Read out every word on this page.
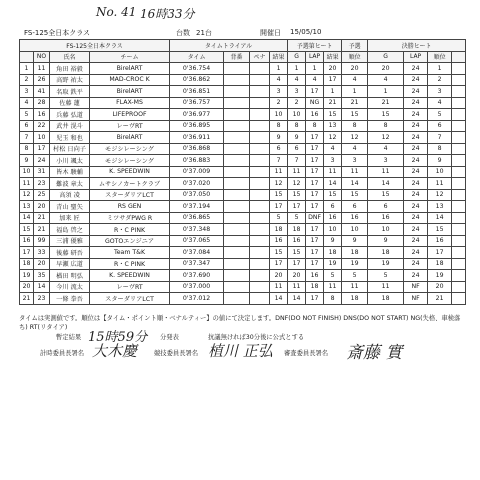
No. 41 16時33分
FS-125全日本クラス	台数 21台	開催日 15/05/10
FS-125全日本クラス				タイムトライアル				予選第ヒート			予選	決勝ヒート			
	NO	氏名	チーム	タイム	背番	ペナ	結果	G	LAP	結果	順位	G	LAP	順位	
1	11	角田 裕毅	BirelART	0'36.754			1	1	1	20	20	20	24	1	
2	26	高野 祐太	MAD-CROC K	0'36.862			4	4	4	17	4	4	24	2	
3	41	名取 鉄平	BirelART	0'36.851			3	3	17	1	1	1	24	3	
4	28	佐藤 蓮	FLAX-MS	0'36.757			2	2	NG	21	21	21	24	4	
5	16	兵藤 弘道	LIFEPROOF	0'36.977			10	10	16	15	15	15	24	5	
6	22	武井 滉斗	レーヴRT	0'36.895			8	8	8	13	8	8	24	6	
7	10	児玉 和也	BirelART	0'36.911			9	9	17	12	12	12	24	7	
8	17	村松 日向子	モジシレーシング	0'36.868			6	6	17	4	4	4	24	8	
9	24	小川 颯太	モジシレーシング	0'36.883			7	7	17	3	3	3	24	9	
10	31	皆木 駿輔	K. SPEEDWIN	0'37.009			11	11	17	11	11	11	24	10	
11	23	難波 章太	ムサシノカートクラブ	0'37.020			12	12	17	14	14	14	24	11	
12	25	高須 凌	スターダリアLCT	0'37.050			15	15	17	15	15	15	24	12	
13	20	青山 聖矢	RS GEN	0'37.194			17	17	17	6	6	6	24	13	
14	21	加来 匠	ミツサダPWG R	0'36.865			5	5	DNF	16	16	16	24	14	
15	21	福島 啓之	R・C PINK	0'37.348			18	18	17	10	10	10	24	15	
16	99	三浦 優雅	GOTOエンジニア	0'37.065			16	16	17	9	9	9	24	16	
17	33	後藤 研吾	Team T&K	0'37.084			15	15	17	18	18	18	24	17	
18	20	早瀬 広道	R・C PINK	0'37.347			17	17	17	19	19	19	24	18	
19	35	楢田 明弘	K. SPEEDWIN	0'37.690			20	20	16	5	5	5	24	19	
20	14	今川 流太	レーヴRT	0'37.000			11	11	18	11	11	11	NF	20	
21	23	一條 拳吾	スターダリアLCT	0'37.012			14	14	17	8	18	18	NF	21	
タイムは実測値です。順位は【タイム・ポイント順・ベナルティー】の値にて決定します。DNF(DO NOT FINISH) DNS(DO NOT START) NG(失格、車検落ち) RT(リタイア)
暫定結果 15時59分 分発表	抗議無ければ30分後に公式とする
計時委員長署名 大木慶	競技委員長署名 植川 正弘 審査委員長署名 斎藤 實
